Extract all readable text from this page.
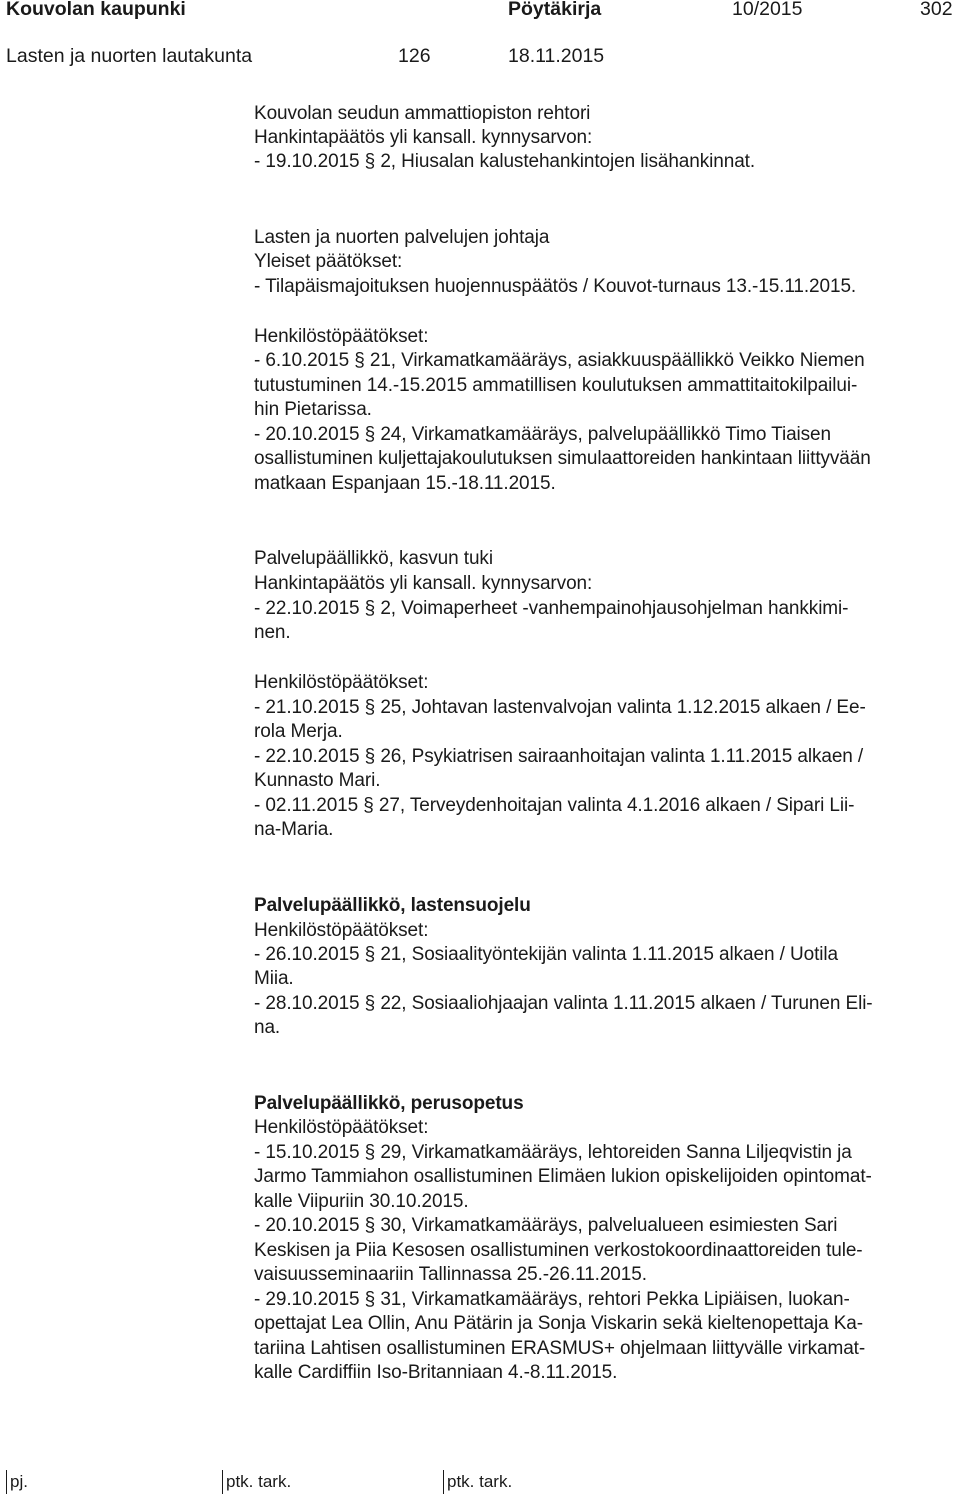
Kouvolan kaupunki	Pöytäkirja	10/2015	302
Lasten ja nuorten lautakunta	126	18.11.2015
Kouvolan seudun ammattiopiston rehtori
Hankintapäätös yli kansall. kynnysarvon:
- 19.10.2015 § 2, Hiusalan kalustehankintojen lisähankinnat.
Lasten ja nuorten palvelujen johtaja
Yleiset päätökset:
- Tilapäismajoituksen huojennuspäätös / Kouvot-turnaus 13.-15.11.2015.
Henkilöstöpäätökset:
- 6.10.2015 § 21, Virkamatkamääräys, asiakkuuspäällikkö Veikko Niemen
tutustuminen 14.-15.2015 ammatillisen koulutuksen ammattitaitokilpailui-
hin Pietarissa.
- 20.10.2015 § 24, Virkamatkamääräys, palvelupäällikkö Timo Tiaisen
osallistuminen kuljettajakoulutuksen simulaattoreiden hankintaan liittyvään
matkaan Espanjaan 15.-18.11.2015.
Palvelupäällikkö, kasvun tuki
Hankintapäätös yli kansall. kynnysarvon:
- 22.10.2015 § 2, Voimaperheet -vanhempainohjausohjelman hankkimi-
nen.
Henkilöstöpäätökset:
- 21.10.2015 § 25, Johtavan lastenvalvojan valinta 1.12.2015 alkaen / Ee-
rola Merja.
- 22.10.2015 § 26, Psykiatrisen sairaanhoitajan valinta 1.11.2015 alkaen /
Kunnasto Mari.
- 02.11.2015 § 27, Terveydenhoitajan valinta 4.1.2016 alkaen / Sipari Lii-
na-Maria.
Palvelupäällikkö, lastensuojelu
Henkilöstöpäätökset:
- 26.10.2015 § 21, Sosiaalityöntekijän valinta 1.11.2015 alkaen / Uotila
Miia.
- 28.10.2015 § 22, Sosiaaliohjaajan valinta 1.11.2015 alkaen / Turunen Eli-
na.
Palvelupäällikkö, perusopetus
Henkilöstöpäätökset:
- 15.10.2015 § 29, Virkamatkamääräys, lehtoreiden Sanna Liljeqvistin ja
Jarmo Tammiahon osallistuminen Elimäen lukion opiskelijoiden opintomat-
kalle Viipuriin 30.10.2015.
- 20.10.2015 § 30, Virkamatkamääräys, palvelualueen esimiesten Sari
Keskisen ja Piia Kesosen osallistuminen verkostokoordinaattoreiden tule-
vaisuusseminaariin Tallinnassa 25.-26.11.2015.
- 29.10.2015 § 31, Virkamatkamääräys, rehtori Pekka Lipiäisen, luokan-
opettajat Lea Ollin, Anu Pätärin ja Sonja Viskarin sekä kieltenopettaja Ka-
tariina Lahtisen osallistuminen ERASMUS+ ohjelmaan liittyvälle virkamat-
kalle Cardiffiin Iso-Britanniaan 4.-8.11.2015.
pj.	ptk. tark.	ptk. tark.
